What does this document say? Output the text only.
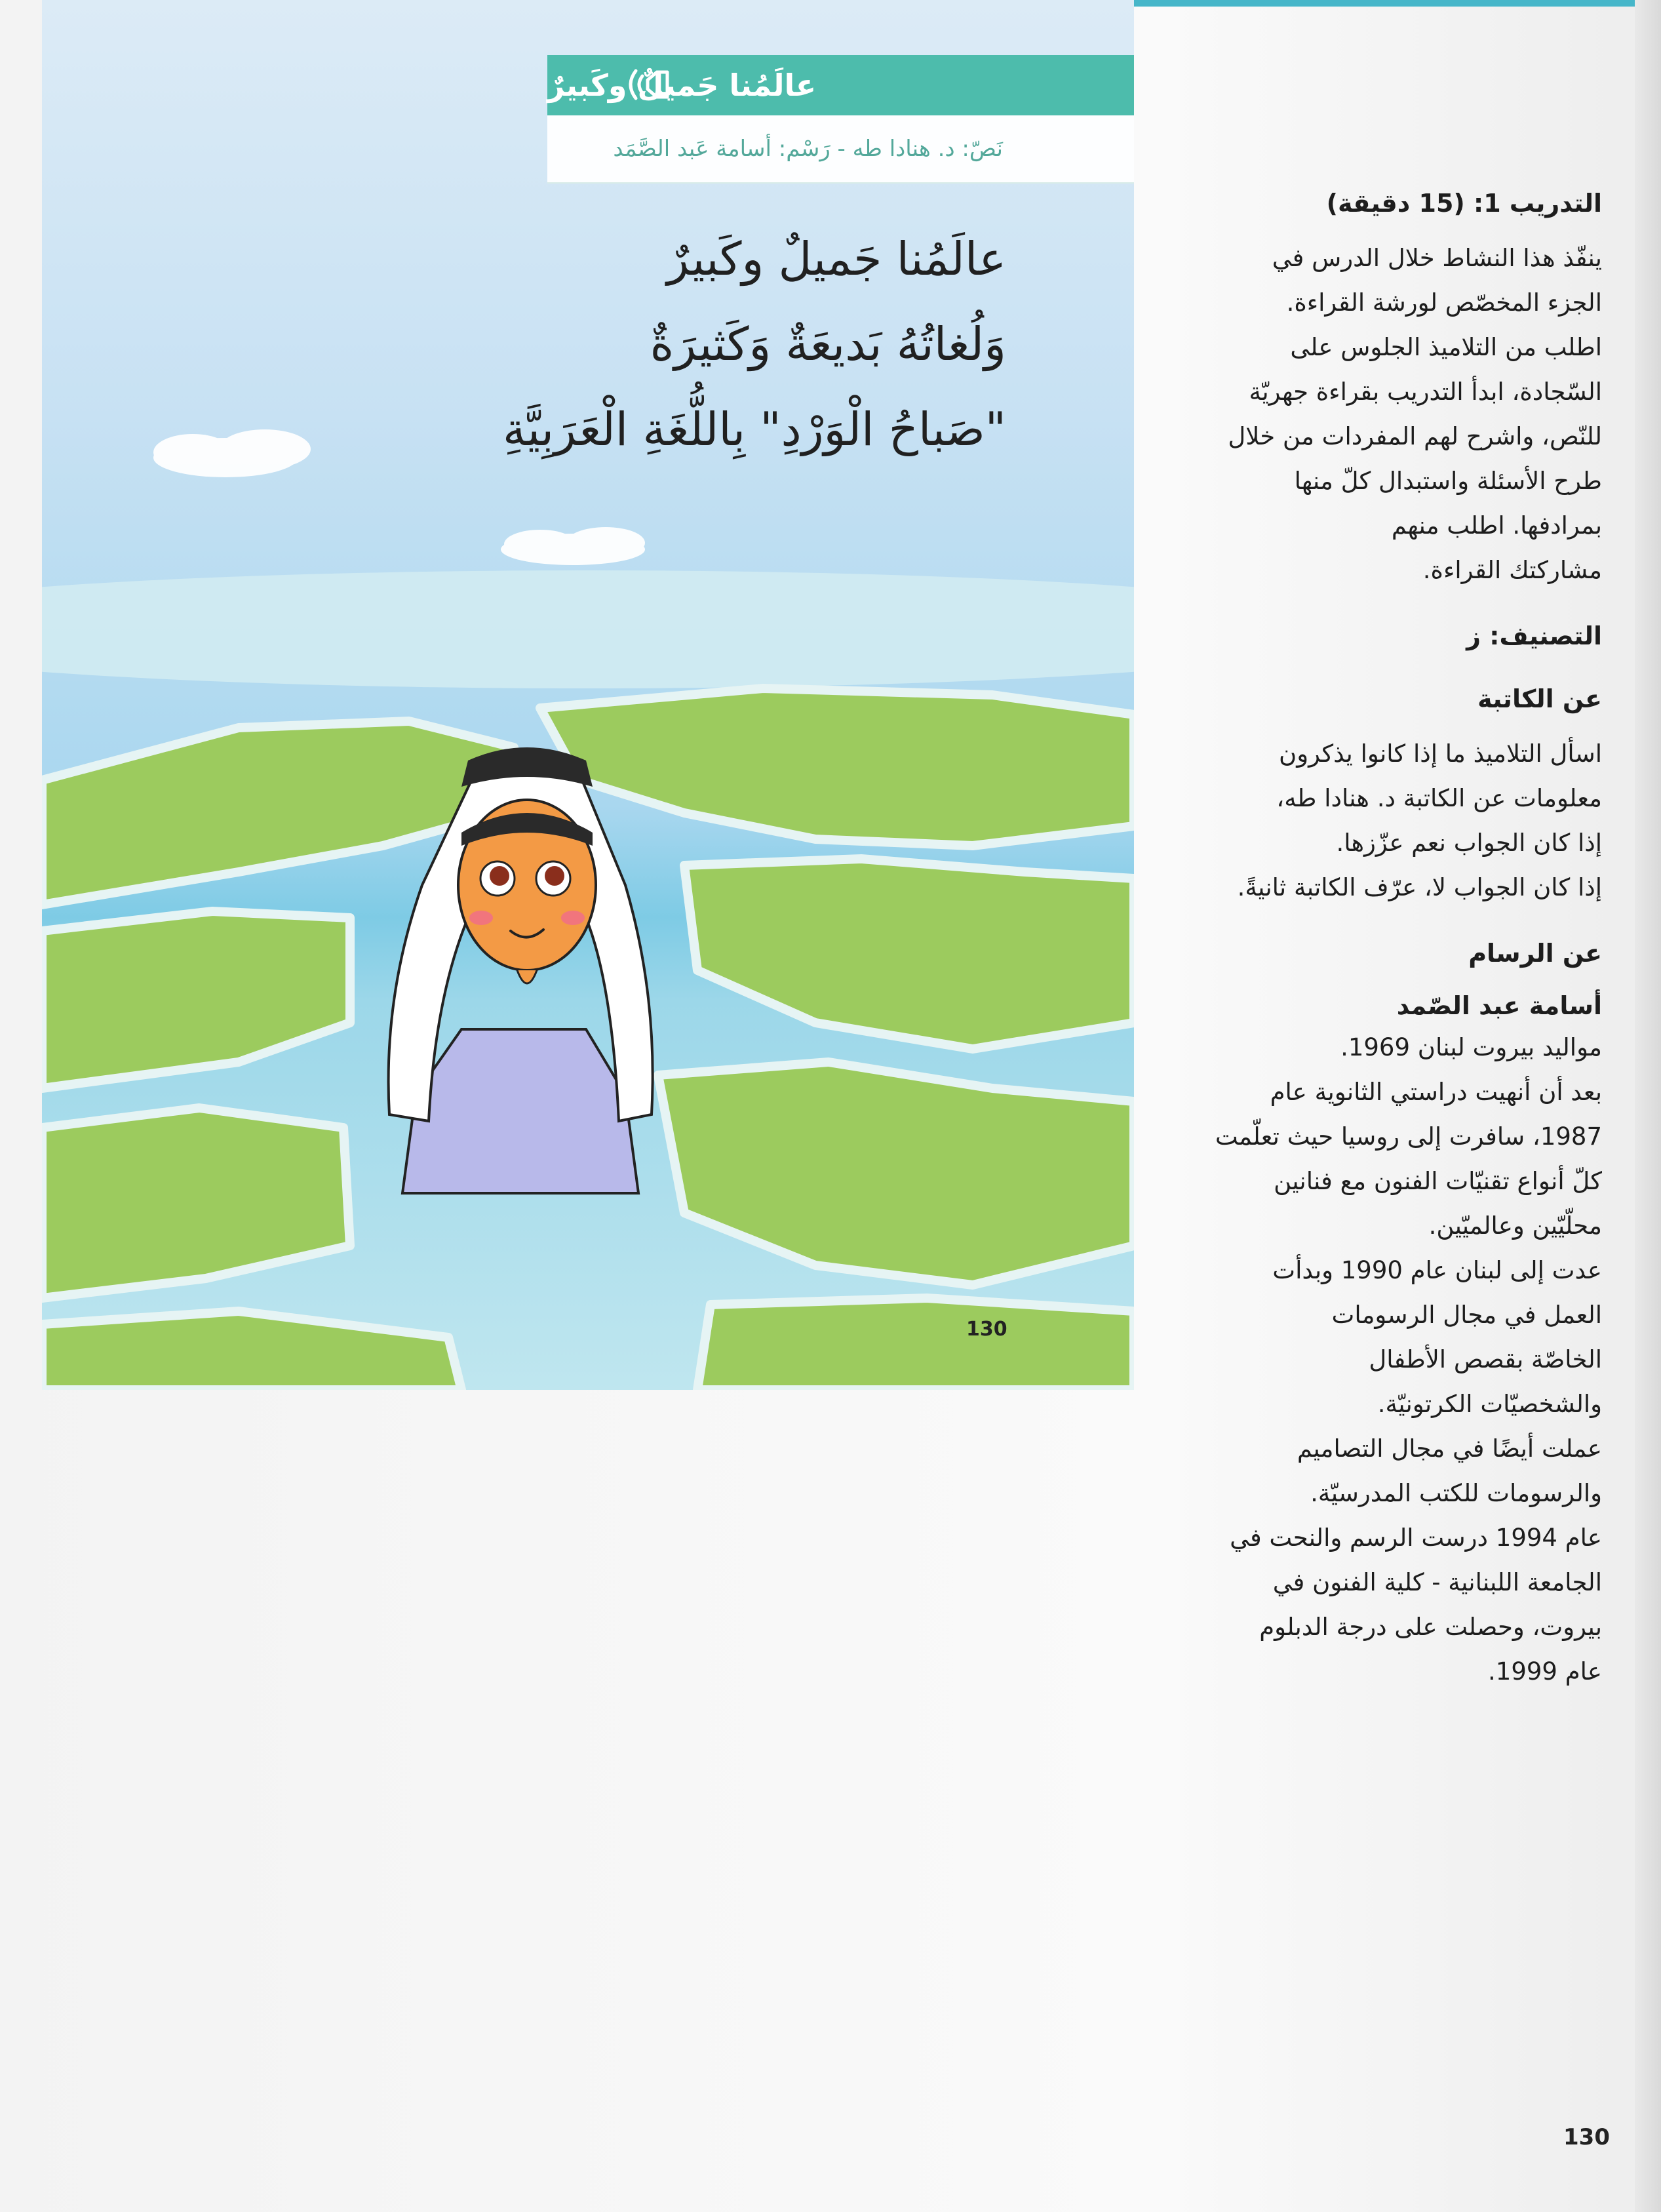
عالَمُنا جَميلٌ وكَبيرٌ
نَصّ: د. هنادا طه - رَسْم: أسامة عَبد الصَّمَد

عالَمُنا جَميلٌ وكَبيرٌ

وَلُغاتُهُ بَديعَةٌ وَكَثيرَةٌ

"صَباحُ الْوَرْدِ" بِاللُّغَةِ الْعَرَبِيَّةِ

130

التدريب 1: (15 دقيقة)

ينفّذ هذا النشاط خلال الدرس في

الجزء المخصّص لورشة القراءة.

اطلب من التلاميذ الجلوس على

السّجادة، ابدأ التدريب بقراءة جهريّة

للنّص، واشرح لهم المفردات من خلال

طرح الأسئلة واستبدال كلّ منها

بمرادفها. اطلب منهم

مشاركتك القراءة.

التصنيف: ز

عن الكاتبة

اسأل التلاميذ ما إذا كانوا يذكرون

معلومات عن الكاتبة د. هنادا طه،

إذا كان الجواب نعم عزّزها.

إذا كان الجواب لا، عرّف الكاتبة ثانيةً.

عن الرسام

أسامة عبد الصّمد

مواليد بيروت لبنان 1969.

بعد أن أنهيت دراستي الثانوية عام

1987، سافرت إلى روسيا حيث تعلّمت

كلّ أنواع تقنيّات الفنون مع فنانين

محلّيّين وعالميّين.

عدت إلى لبنان عام 1990 وبدأت

العمل في مجال الرسومات

الخاصّة بقصص الأطفال

والشخصيّات الكرتونيّة.

عملت أيضًا في مجال التصاميم

والرسومات للكتب المدرسيّة.

عام 1994 درست الرسم والنحت في

الجامعة اللبنانية - كلية الفنون في

بيروت، وحصلت على درجة الدبلوم

عام 1999.

130
